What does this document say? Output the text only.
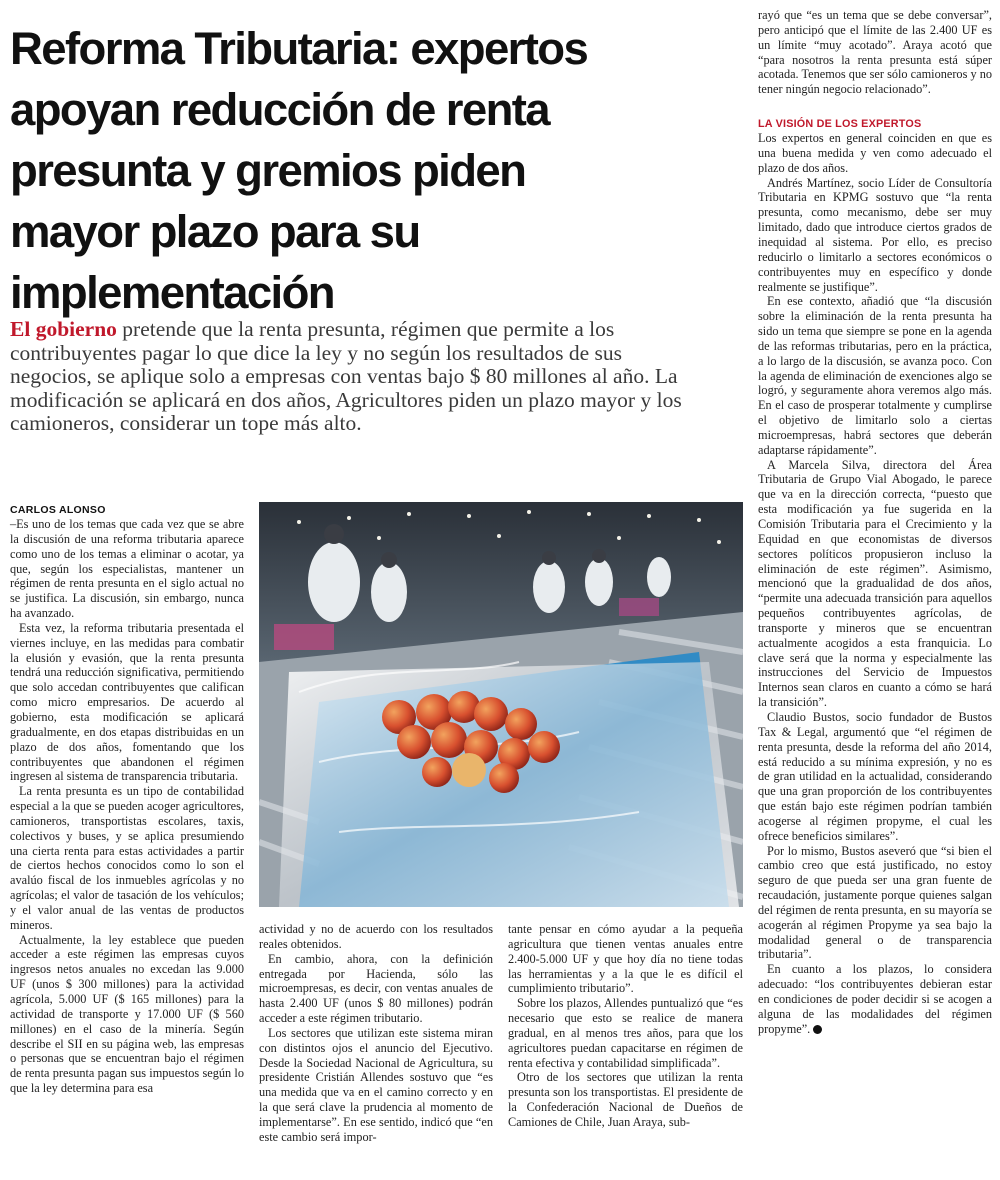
Reforma Tributaria: expertos
apoyan reducción de renta
presunta y gremios piden
mayor plazo para su
implementación

El gobierno pretende que la renta presunta, régimen que permite a los
contribuyentes pagar lo que dice la ley y no según los resultados de sus
negocios, se aplique solo a empresas con ventas bajo $ 80 millones al año. La
modificación se aplicará en dos años, Agricultores piden un plazo mayor y los
camioneros, considerar un tope más alto.

CARLOS ALONSO

–Es uno de los temas que cada vez que se abre la discusión de una reforma tributaria aparece como uno de los temas a eliminar o acotar, ya que, según los especialistas, mantener un régimen de renta presunta en el siglo actual no se justifica. La discusión, sin embargo, nunca ha avanzado.

Esta vez, la reforma tributaria presentada el viernes incluye, en las medidas para combatir la elusión y evasión, que la renta presunta tendrá una reducción significativa, permitiendo que solo accedan contribuyentes que califican como micro empresarios. De acuerdo al gobierno, esta modificación se aplicará gradualmente, en dos etapas distribuidas en un plazo de dos años, fomentando que los contribuyentes que abandonen el régimen ingresen al sistema de transparencia tributaria.

La renta presunta es un tipo de contabilidad especial a la que se pueden acoger agricultores, camioneros, transportistas escolares, taxis, colectivos y buses, y se aplica presumiendo una cierta renta para estas actividades a partir de ciertos hechos conocidos como lo son el avalúo fiscal de los inmuebles agrícolas y no agrícolas; el valor de tasación de los vehículos; y el valor anual de las ventas de productos mineros.

Actualmente, la ley establece que pueden acceder a este régimen las empresas cuyos ingresos netos anuales no excedan las 9.000 UF (unos $ 300 millones) para la actividad agrícola, 5.000 UF ($ 165 millones) para la actividad de transporte y 17.000 UF ($ 560 millones) en el caso de la minería. Según describe el SII en su página web, las empresas o personas que se encuentran bajo el régimen de renta presunta pagan sus impuestos según lo que la ley determina para esa

actividad y no de acuerdo con los resultados reales obtenidos.

En cambio, ahora, con la definición entregada por Hacienda, sólo las microempresas, es decir, con ventas anuales de hasta 2.400 UF (unos $ 80 millones) podrán acceder a este régimen tributario.

Los sectores que utilizan este sistema miran con distintos ojos el anuncio del Ejecutivo. Desde la Sociedad Nacional de Agricultura, su presidente Cristián Allendes sostuvo que “es una medida que va en el camino correcto y en la que será clave la prudencia al momento de implementarse”. En ese sentido, indicó que “en este cambio será impor-

tante pensar en cómo ayudar a la pequeña agricultura que tienen ventas anuales entre 2.400-5.000 UF y que hoy día no tiene todas las herramientas y a la que le es difícil el cumplimiento tributario”.

Sobre los plazos, Allendes puntualizó que “es necesario que esto se realice de manera gradual, en al menos tres años, para que los agricultores puedan capacitarse en régimen de renta efectiva y contabilidad simplificada”.

Otro de los sectores que utilizan la renta presunta son los transportistas. El presidente de la Confederación Nacional de Dueños de Camiones de Chile, Juan Araya, sub-

rayó que “es un tema que se debe conversar”, pero anticipó que el límite de las 2.400 UF es un límite “muy acotado”. Araya acotó que “para nosotros la renta presunta está súper acotada. Tenemos que ser sólo camioneros y no tener ningún negocio relacionado”.

LA VISIÓN DE LOS EXPERTOS

Los expertos en general coinciden en que es una buena medida y ven como adecuado el plazo de dos años.

Andrés Martínez, socio Líder de Consultoría Tributaria en KPMG sostuvo que “la renta presunta, como mecanismo, debe ser muy limitado, dado que introduce ciertos grados de inequidad al sistema. Por ello, es preciso reducirlo o limitarlo a sectores económicos o contribuyentes muy en específico y donde realmente se justifique”.

En ese contexto, añadió que “la discusión sobre la eliminación de la renta presunta ha sido un tema que siempre se pone en la agenda de las reformas tributarias, pero en la práctica, a lo largo de la discusión, se avanza poco. Con la agenda de eliminación de exenciones algo se logró, y seguramente ahora veremos algo más. En el caso de prosperar totalmente y cumplirse el objetivo de limitarlo solo a ciertas microempresas, habrá sectores que deberán adaptarse rápidamente”.

A Marcela Silva, directora del Área Tributaria de Grupo Vial Abogado, le parece que va en la dirección correcta, “puesto que esta modificación ya fue sugerida en la Comisión Tributaria para el Crecimiento y la Equidad en que economistas de diversos sectores políticos propusieron incluso la eliminación de este régimen”. Asimismo, mencionó que la gradualidad de dos años, “permite una adecuada transición para aquellos pequeños contribuyentes agrícolas, de transporte y mineros que se encuentran actualmente acogidos a esta franquicia. Lo clave será que la norma y especialmente las instrucciones del Servicio de Impuestos Internos sean claros en cuanto a cómo se hará la transición”.

Claudio Bustos, socio fundador de Bustos Tax & Legal, argumentó que “el régimen de renta presunta, desde la reforma del año 2014, está reducido a su mínima expresión, y no es de gran utilidad en la actualidad, considerando que una gran proporción de los contribuyentes que están bajo este régimen podrían también acogerse al régimen propyme, el cual les ofrece beneficios similares”.

Por lo mismo, Bustos aseveró que “si bien el cambio creo que está justificado, no estoy seguro de que pueda ser una gran fuente de recaudación, justamente porque quienes salgan del régimen de renta presunta, en su mayoría se acogerán al régimen Propyme ya sea bajo la modalidad general o de transparencia tributaria”.

En cuanto a los plazos, lo considera adecuado: “los contribuyentes debieran estar en condiciones de poder decidir si se acogen a alguna de las modalidades del régimen propyme”.
